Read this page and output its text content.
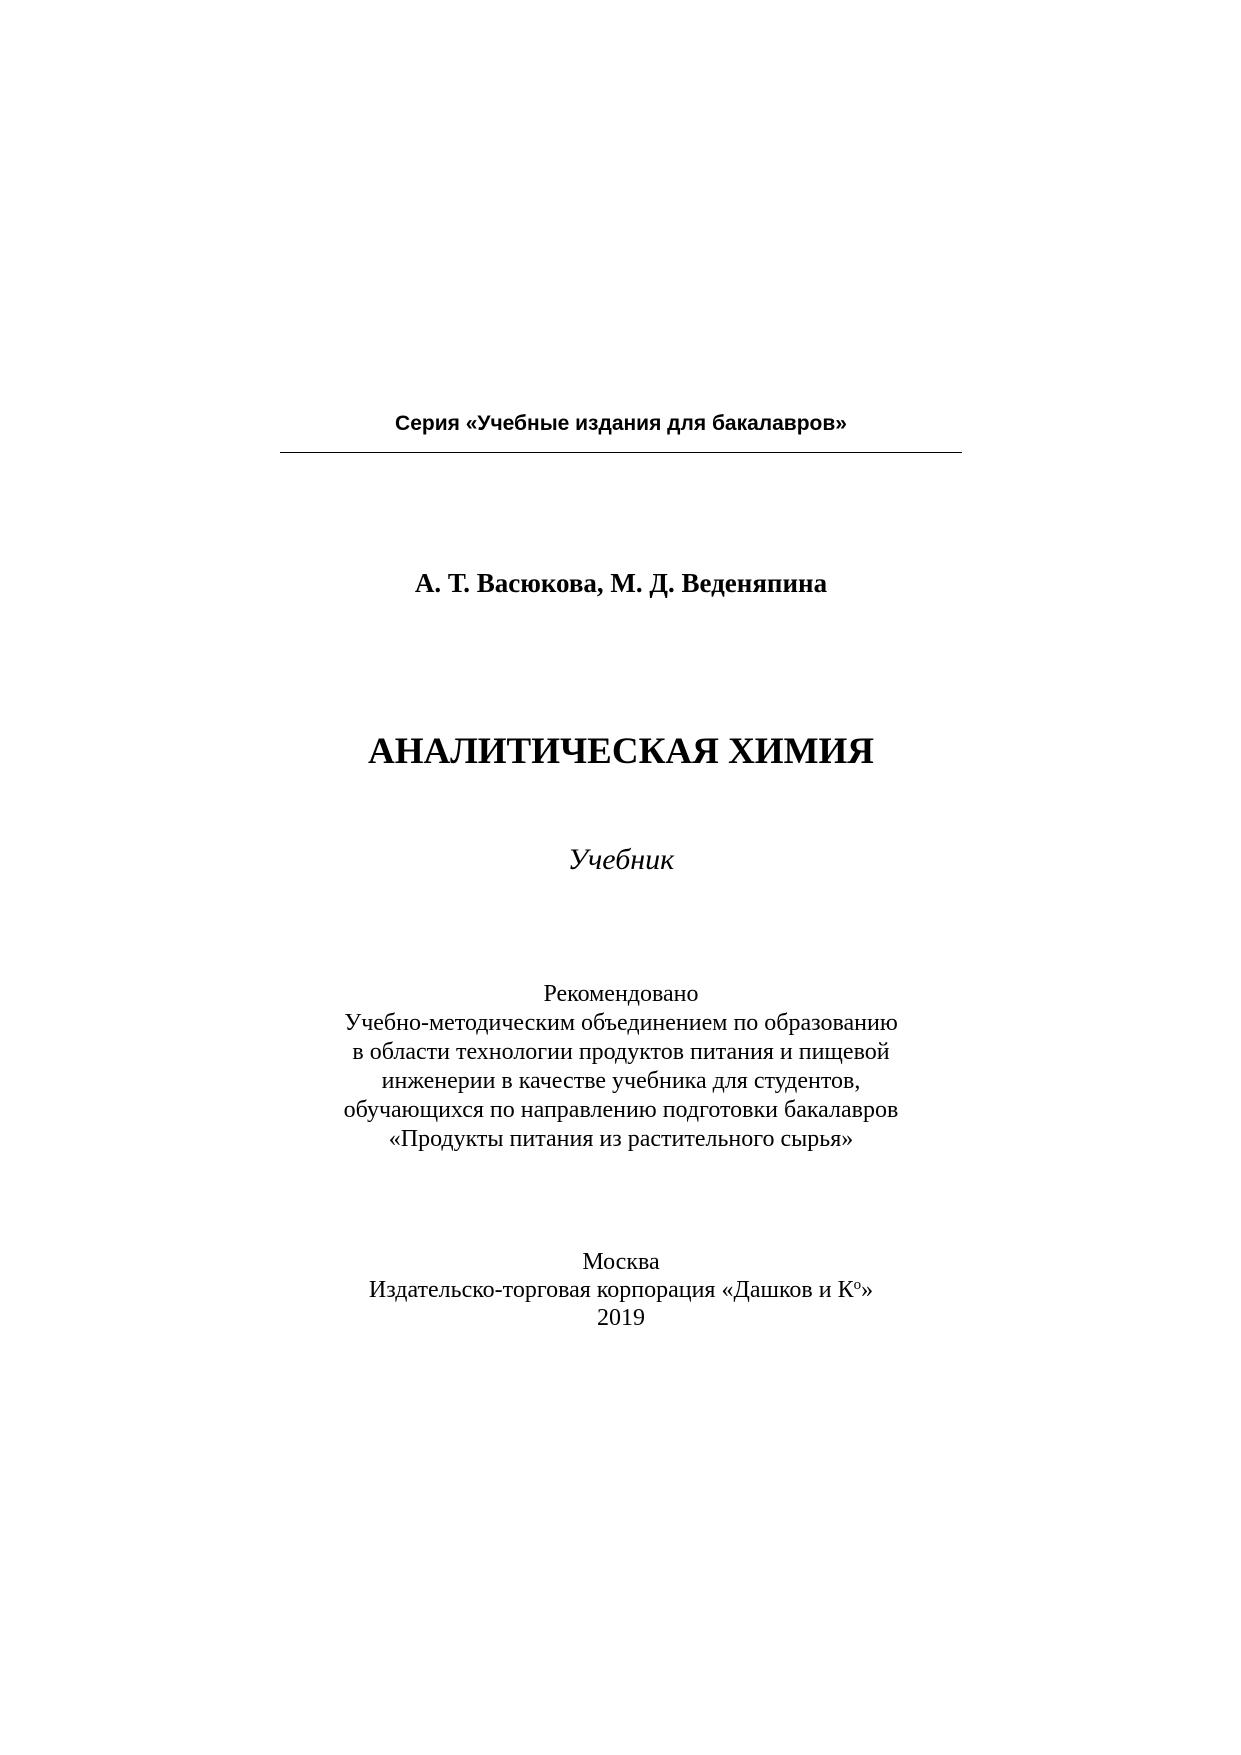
Серия «Учебные издания для бакалавров»
А. Т. Васюкова, М. Д. Веденяпина
АНАЛИТИЧЕСКАЯ ХИМИЯ
Учебник
Рекомендовано
Учебно-методическим объединением по образованию
в области технологии продуктов питания и пищевой
инженерии в качестве учебника для студентов,
обучающихся по направлению подготовки бакалавров
«Продукты питания из растительного сырья»
Москва
Издательско-торговая корпорация «Дашков и $К^о$»
2019
